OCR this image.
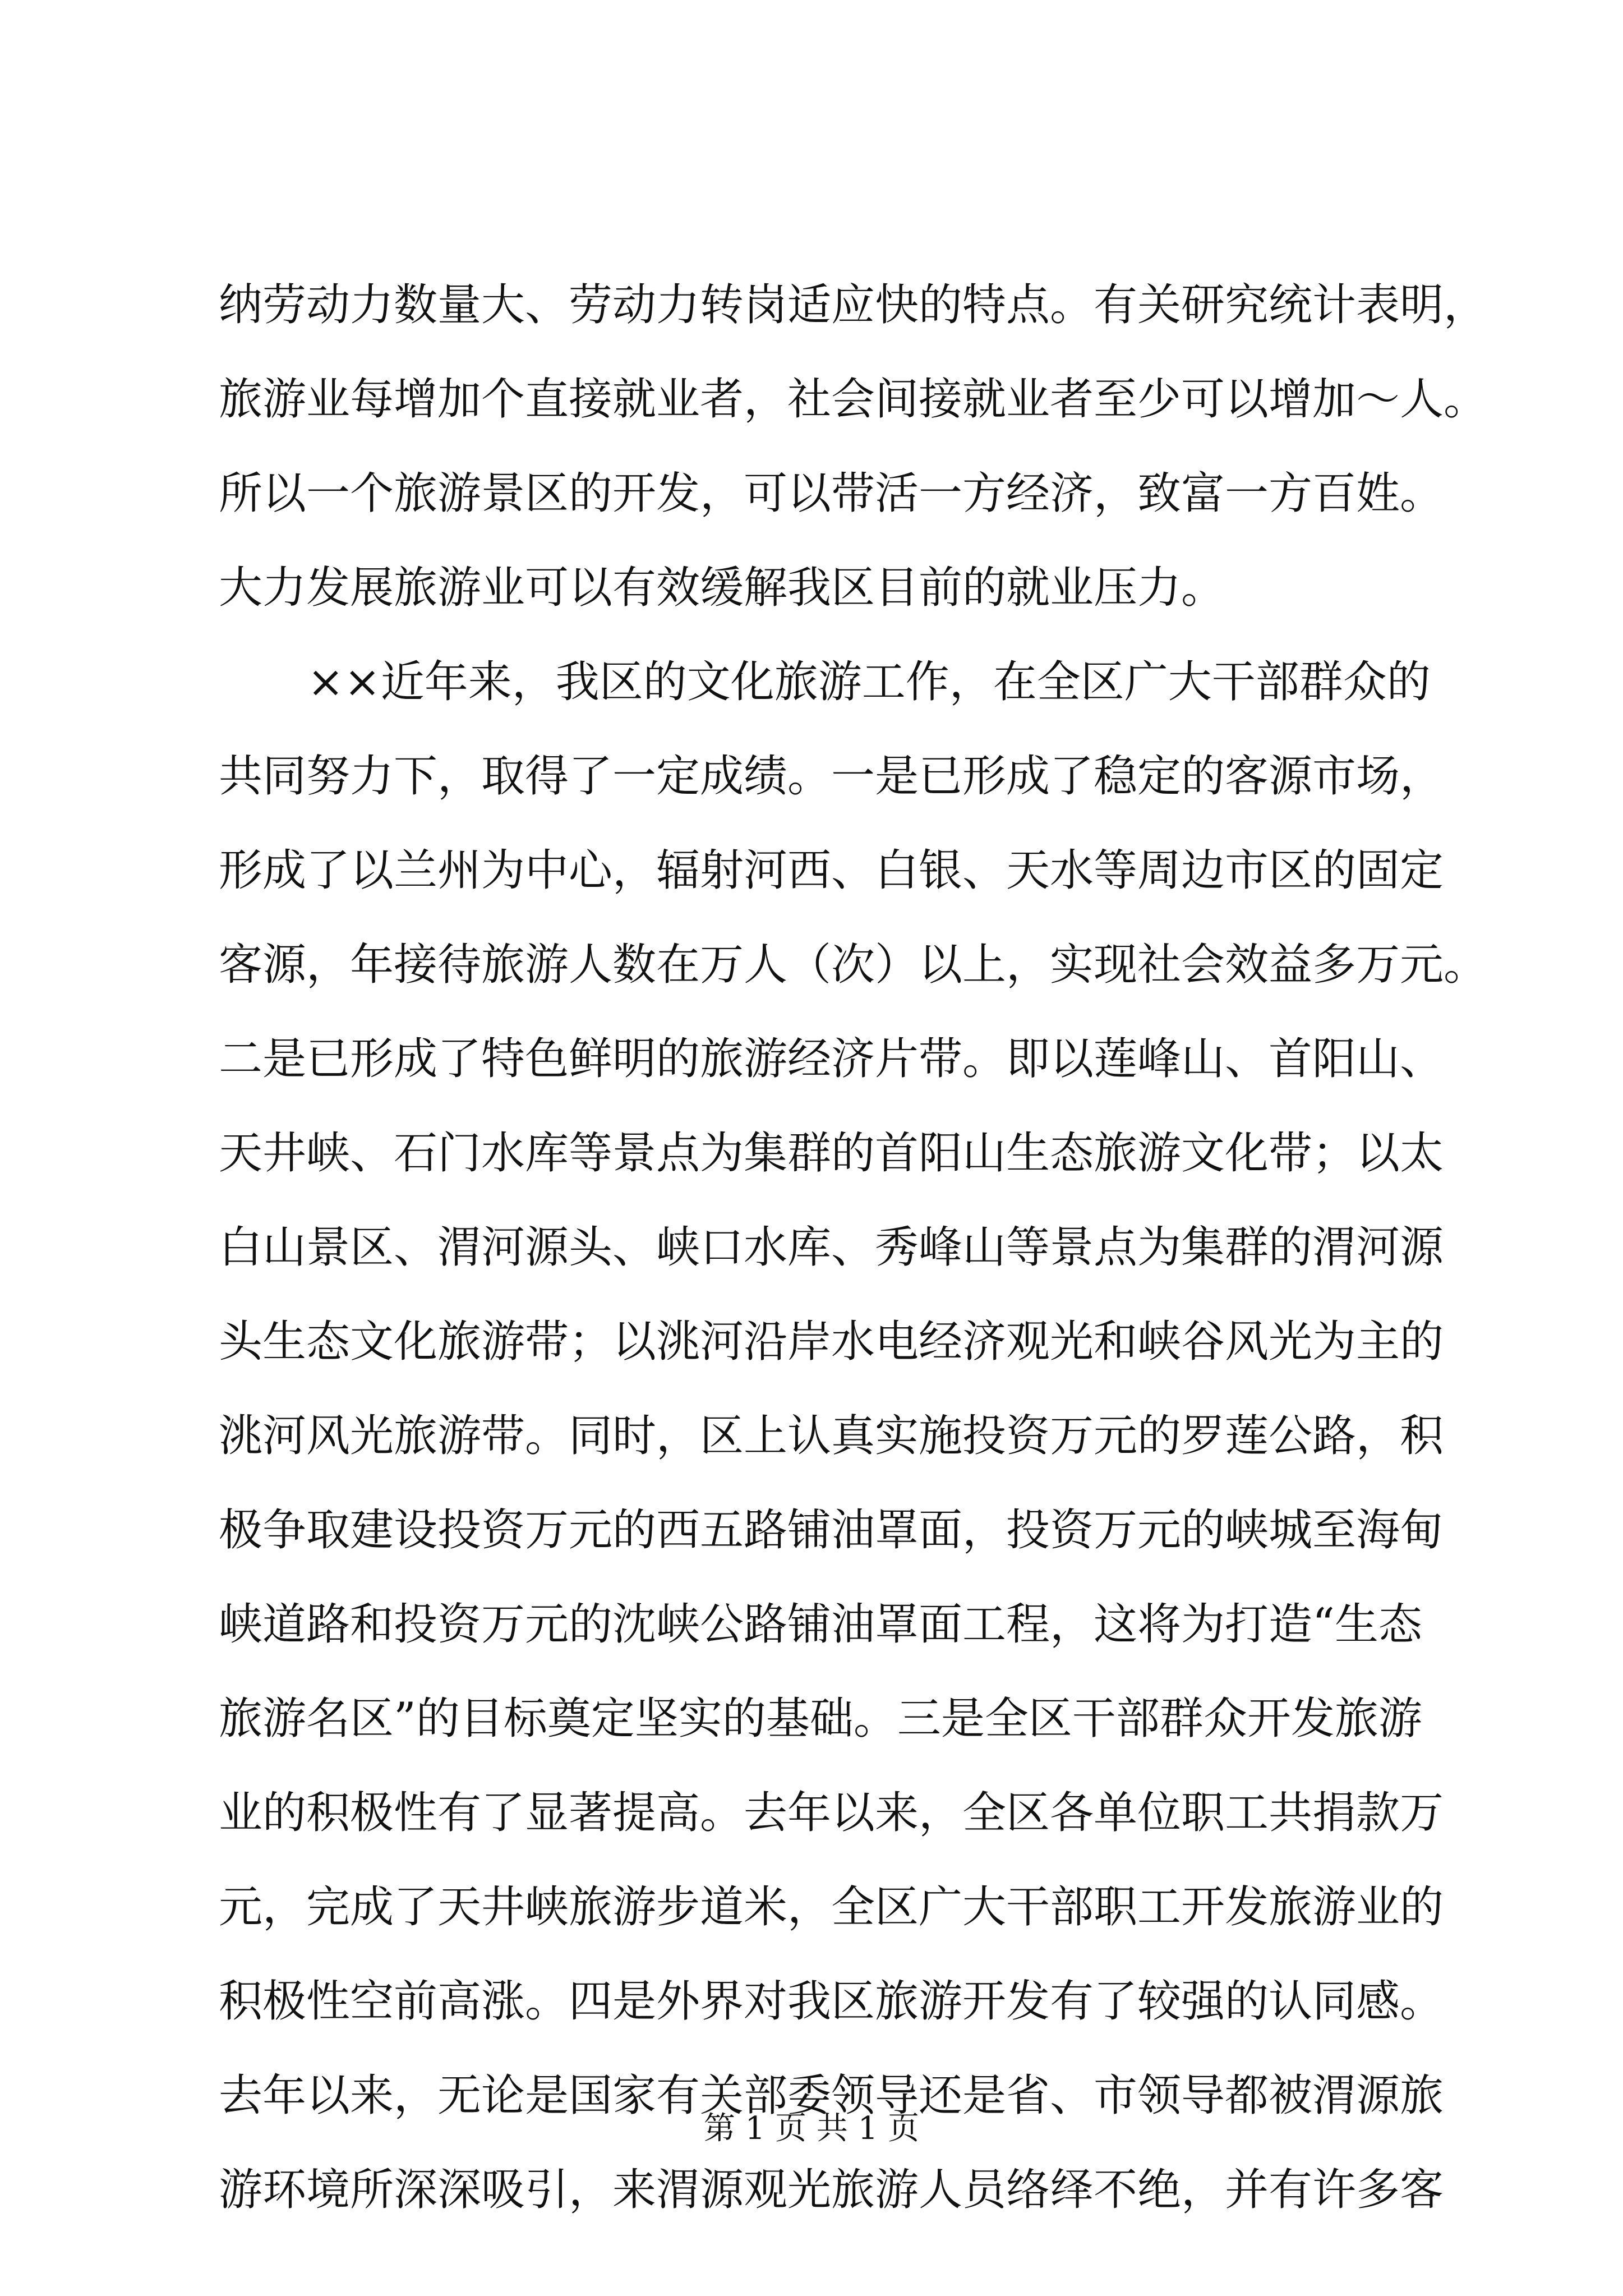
纳劳动力数量大、劳动力转岗适应快的特点。有关研究统计表明，
旅游业每增加个直接就业者，社会间接就业者至少可以增加～人。
所以一个旅游景区的开发，可以带活一方经济，致富一方百姓。
大力发展旅游业可以有效缓解我区目前的就业压力。
××近年来，我区的文化旅游工作，在全区广大干部群众的
共同努力下，取得了一定成绩。一是已形成了稳定的客源市场，
形成了以兰州为中心，辐射河西、白银、天水等周边市区的固定
客源，年接待旅游人数在万人（次）以上，实现社会效益多万元。
二是已形成了特色鲜明的旅游经济片带。即以莲峰山、首阳山、
天井峡、石门水库等景点为集群的首阳山生态旅游文化带；以太
白山景区、渭河源头、峡口水库、秀峰山等景点为集群的渭河源
头生态文化旅游带；以洮河沿岸水电经济观光和峡谷风光为主的
洮河风光旅游带。同时，区上认真实施投资万元的罗莲公路，积
极争取建设投资万元的西五路铺油罩面，投资万元的峡城至海甸
峡道路和投资万元的沈峡公路铺油罩面工程，这将为打造“生态
旅游名区”的目标奠定坚实的基础。三是全区干部群众开发旅游
业的积极性有了显著提高。去年以来，全区各单位职工共捐款万
元，完成了天井峡旅游步道米，全区广大干部职工开发旅游业的
积极性空前高涨。四是外界对我区旅游开发有了较强的认同感。
去年以来，无论是国家有关部委领导还是省、市领导都被渭源旅
游环境所深深吸引，来渭源观光旅游人员络绎不绝，并有许多客
第 1 页 共 1 页
